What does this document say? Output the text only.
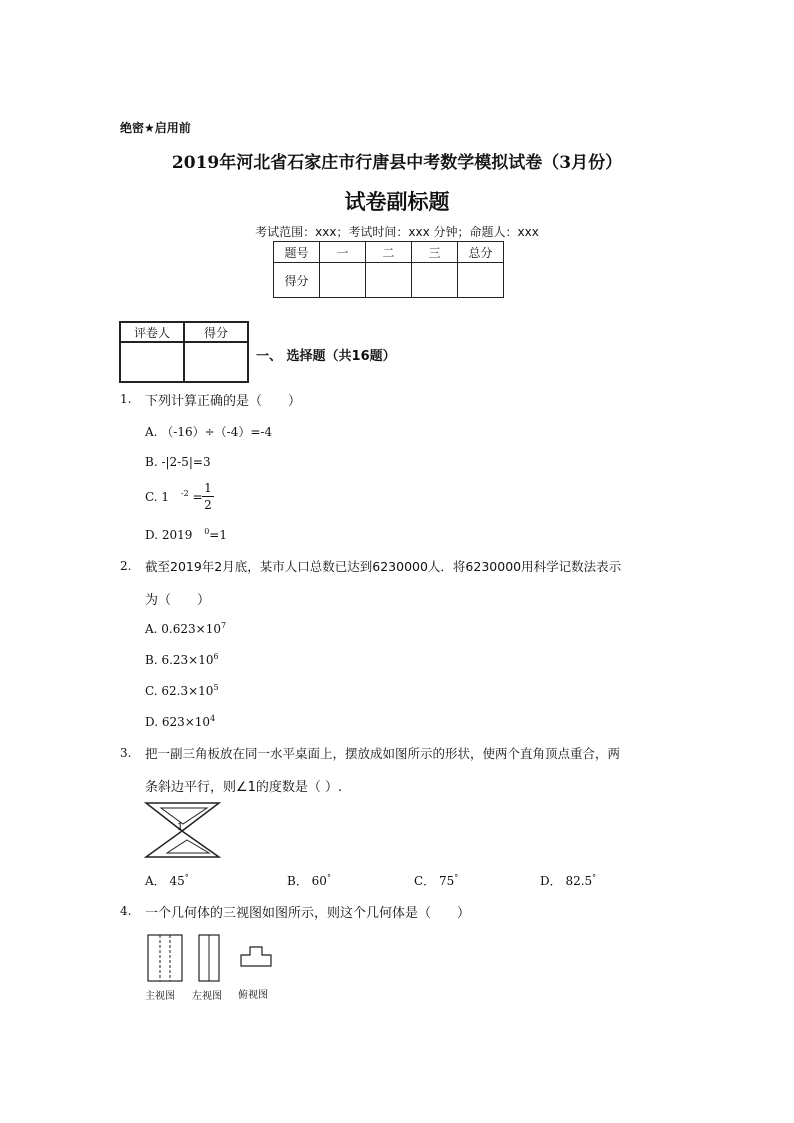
绝密★启用前
2019年河北省石家庄市行唐县中考数学模拟试卷（3月份）
试卷副标题
考试范围：xxx；考试时间：xxx 分钟；命题人：xxx
题号	一	二	三	总分
得分				
评卷人	得分

一、 选择题（共16题）
1. 下列计算正确的是（　　）
A. （-16）÷（-4）=-4
B. -|2-5|=3
C. 1 $^{-2}$ =
1
2
D. 2019 $^0$=1
2. 截至2019年2月底，某市人口总数已达到6230000人．将6230000用科学记数法表示
为（　　）
A. $0.623\times 10^7$
B. $6.23\times 10^6$
C. $62.3\times 10^5$
D. $623\times 10^4$
3. 把一副三角板放在同一水平桌面上，摆放成如图所示的形状，使两个直角顶点重合，两
条斜边平行，则∠1的度数是（ ）.
1
A． 45°	B． 60°	C． 75°	D． 82.5°
4. 一个几何体的三视图如图所示，则这个几何体是（　　）
主视图 左视图 俯视图
